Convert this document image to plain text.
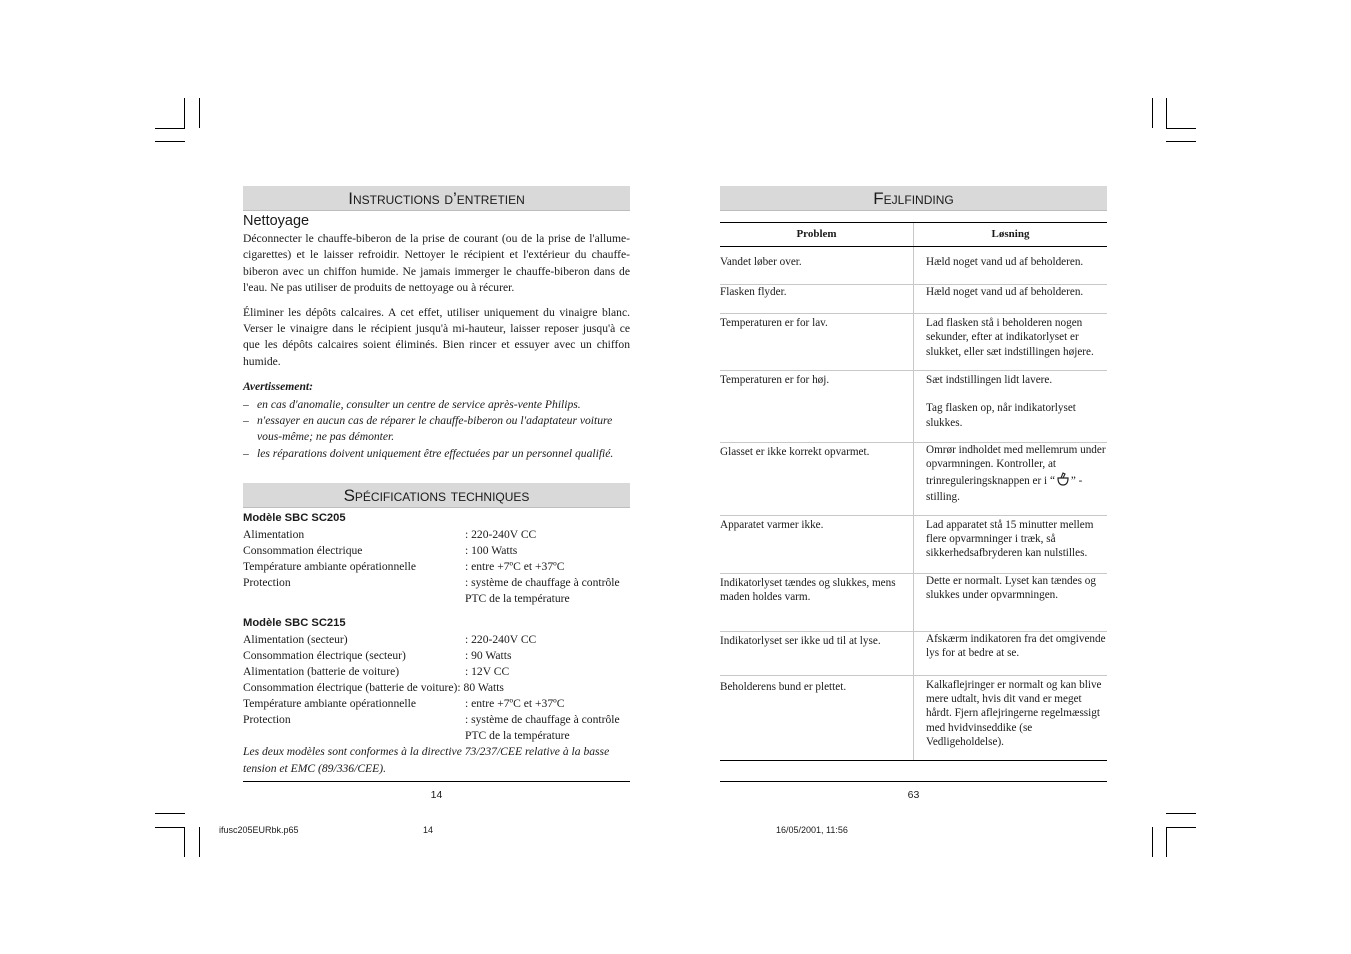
Instructions d’entretien
Nettoyage

Déconnecter le chauffe-biberon de la prise de courant (ou de la prise de l'allume-cigarettes) et le laisser refroidir. Nettoyer le récipient et l'extérieur du chauffe-biberon avec un chiffon humide. Ne jamais immerger le chauffe-biberon dans de l'eau. Ne pas utiliser de produits de nettoyage ou à récurer.

Éliminer les dépôts calcaires. A cet effet, utiliser uniquement du vinaigre blanc. Verser le vinaigre dans le récipient jusqu'à mi-hauteur, laisser reposer jusqu'à ce que les dépôts calcaires soient éliminés. Bien rincer et essuyer avec un chiffon humide.

Avertissement:

– en cas d'anomalie, consulter un centre de service après-vente Philips.

– n'essayer en aucun cas de réparer le chauffe-biberon ou l'adaptateur voiture vous-même; ne pas démonter.

– les réparations doivent uniquement être effectuées par un personnel qualifié.

Spécifications techniques
Modèle SBC SC205
Alimentation	: 220-240V CC
Consommation électrique	: 100 Watts
Température ambiante opérationnelle	: entre +7ºC et +37ºC
Protection	: système de chauffage à contrôle
PTC de la température
Modèle SBC SC215
Alimentation (secteur)	: 220-240V CC
Consommation électrique (secteur)	: 90 Watts
Alimentation (batterie de voiture)	: 12V CC
Consommation électrique (batterie de voiture): 80 Watts
Température ambiante opérationnelle	: entre +7ºC et +37ºC
Protection	: système de chauffage à contrôle
PTC de la température
Les deux modèles sont conformes à la directive 73/237/CEE relative à la basse tension et EMC (89/336/CEE).
14
Fejlfinding
Problem	Løsning
Vandet løber over.	Hæld noget vand ud af beholderen.
Flasken flyder.	Hæld noget vand ud af beholderen.
Temperaturen er for lav.	Lad flasken stå i beholderen nogen sekunder, efter at indikatorlyset er slukket, eller sæt indstillingen højere.
Temperaturen er for høj.	Sæt indstillingen lidt lavere.
Tag flasken op, når indikatorlyset slukkes.
Glasset er ikke korrekt opvarmet.	Omrør indholdet med mellemrum under opvarmningen. Kontroller, at trinreguleringsknappen er i “ ” -stilling.
Apparatet varmer ikke.	Lad apparatet stå 15 minutter mellem flere opvarmninger i træk, så sikkerhedsafbryderen kan nulstilles.
Indikatorlyset tændes og slukkes, mens maden holdes varm.	Dette er normalt. Lyset kan tændes og slukkes under opvarmningen.
Indikatorlyset ser ikke ud til at lyse.	Afskærm indikatoren fra det omgivende lys for at bedre at se.
Beholderens bund er plettet.	Kalkaflejringer er normalt og kan blive mere udtalt, hvis dit vand er meget hårdt. Fjern aflejringerne regelmæssigt med hvidvinseddike (se Vedligeholdelse).
63
ifusc205EURbk.p65	14	16/05/2001, 11:56
